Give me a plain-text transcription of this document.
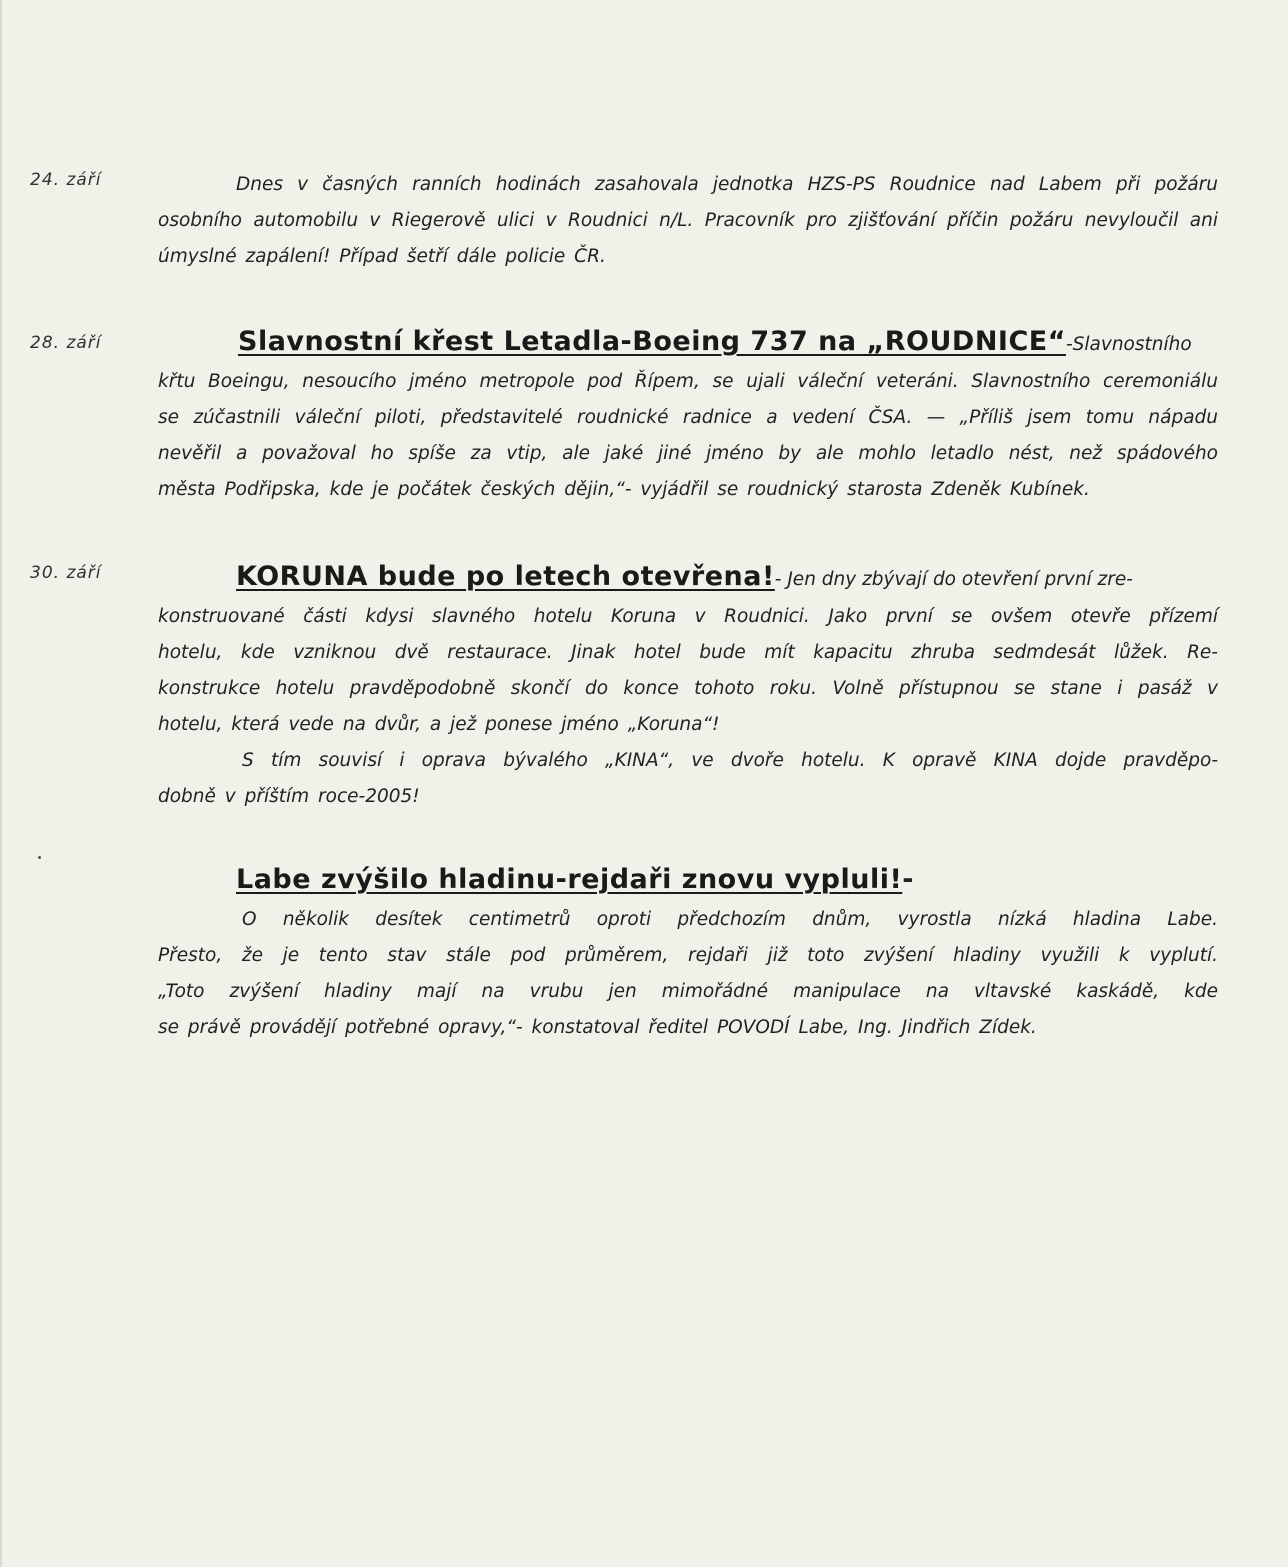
24. září	Dnes v časných ranních hodinách zasahovala jednotka HZS-PS Roudnice nad Labem při požáru
osobního automobilu v Riegerově ulici v Roudnici n/L. Pracovník pro zjišťování příčin požáru nevyloučil ani
úmyslné zapálení! Případ šetří dále policie ČR.
28. září	Slavnostní křest Letadla-Boeing 737 na „ROUDNICE“-Slavnostního
křtu Boeingu, nesoucího jméno metropole pod Řípem, se ujali váleční veteráni. Slavnostního ceremoniálu
se zúčastnili váleční piloti, představitelé roudnické radnice a vedení ČSA. — „Příliš jsem tomu nápadu
nevěřil a považoval ho spíše za vtip, ale jaké jiné jméno by ale mohlo letadlo nést, než spádového
města Podřipska, kde je počátek českých dějin,“- vyjádřil se roudnický starosta Zdeněk Kubínek.
30. září	KORUNA bude po letech otevřena!- Jen dny zbývají do otevření první zre-
konstruované části kdysi slavného hotelu Koruna v Roudnici. Jako první se ovšem otevře přízemí
hotelu, kde vzniknou dvě restaurace. Jinak hotel bude mít kapacitu zhruba sedmdesát lůžek. Re-
konstrukce hotelu pravděpodobně skončí do konce tohoto roku. Volně přístupnou se stane i pasáž v
hotelu, která vede na dvůr, a jež ponese jméno „Koruna“!
S tím souvisí i oprava bývalého „KINA“, ve dvoře hotelu. K opravě KINA dojde pravděpo-
dobně v příštím roce-2005!
Labe zvýšilo hladinu-rejdaři znovu vypluli!-
O několik desítek centimetrů oproti předchozím dnům, vyrostla nízká hladina Labe.
Přesto, že je tento stav stále pod průměrem, rejdaři již toto zvýšení hladiny využili k vyplutí.
„Toto zvýšení hladiny mají na vrubu jen mimořádné manipulace na vltavské kaskádě, kde
se právě provádějí potřebné opravy,“- konstatoval ředitel POVODÍ Labe, Ing. Jindřich Zídek.
